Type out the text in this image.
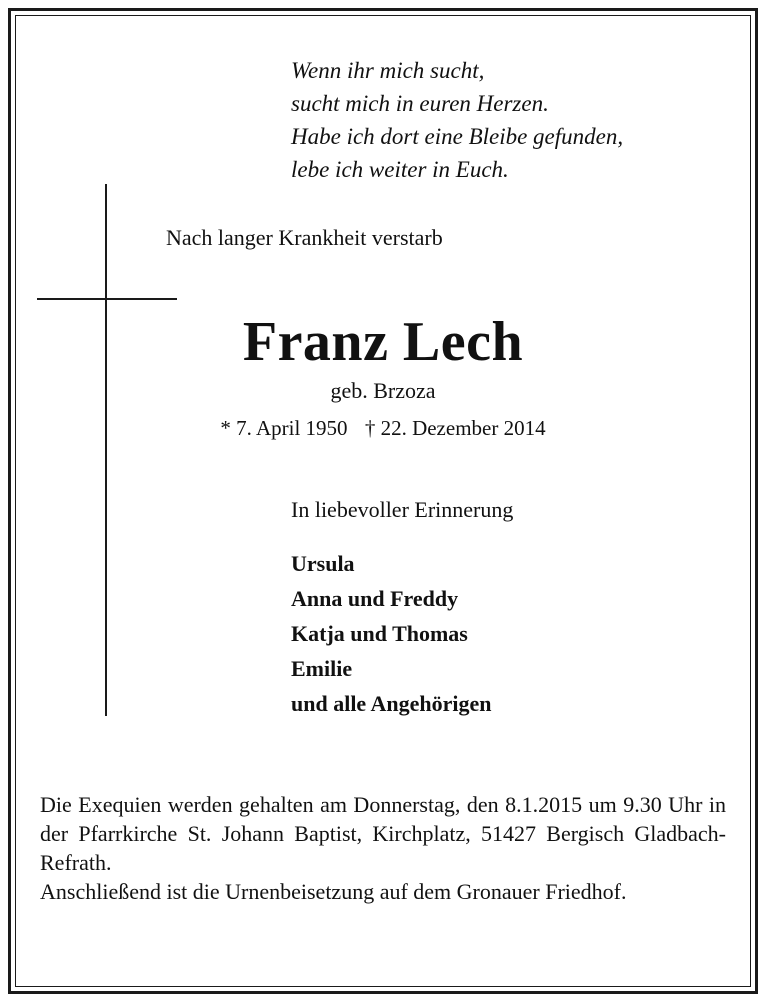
Wenn ihr mich sucht,
sucht mich in euren Herzen.
Habe ich dort eine Bleibe gefunden,
lebe ich weiter in Euch.
Nach langer Krankheit verstarb
Franz Lech
geb. Brzoza
* 7. April 1950 † 22. Dezember 2014
In liebevoller Erinnerung
Ursula
Anna und Freddy
Katja und Thomas
Emilie
und alle Angehörigen

Die Exequien werden gehalten am Donnerstag, den 8.1.2015 um 9.30 Uhr in der Pfarrkirche St. Johann Baptist, Kirchplatz, 51427 Bergisch Gladbach-Refrath.

Anschließend ist die Urnenbeisetzung auf dem Gronauer Friedhof.
